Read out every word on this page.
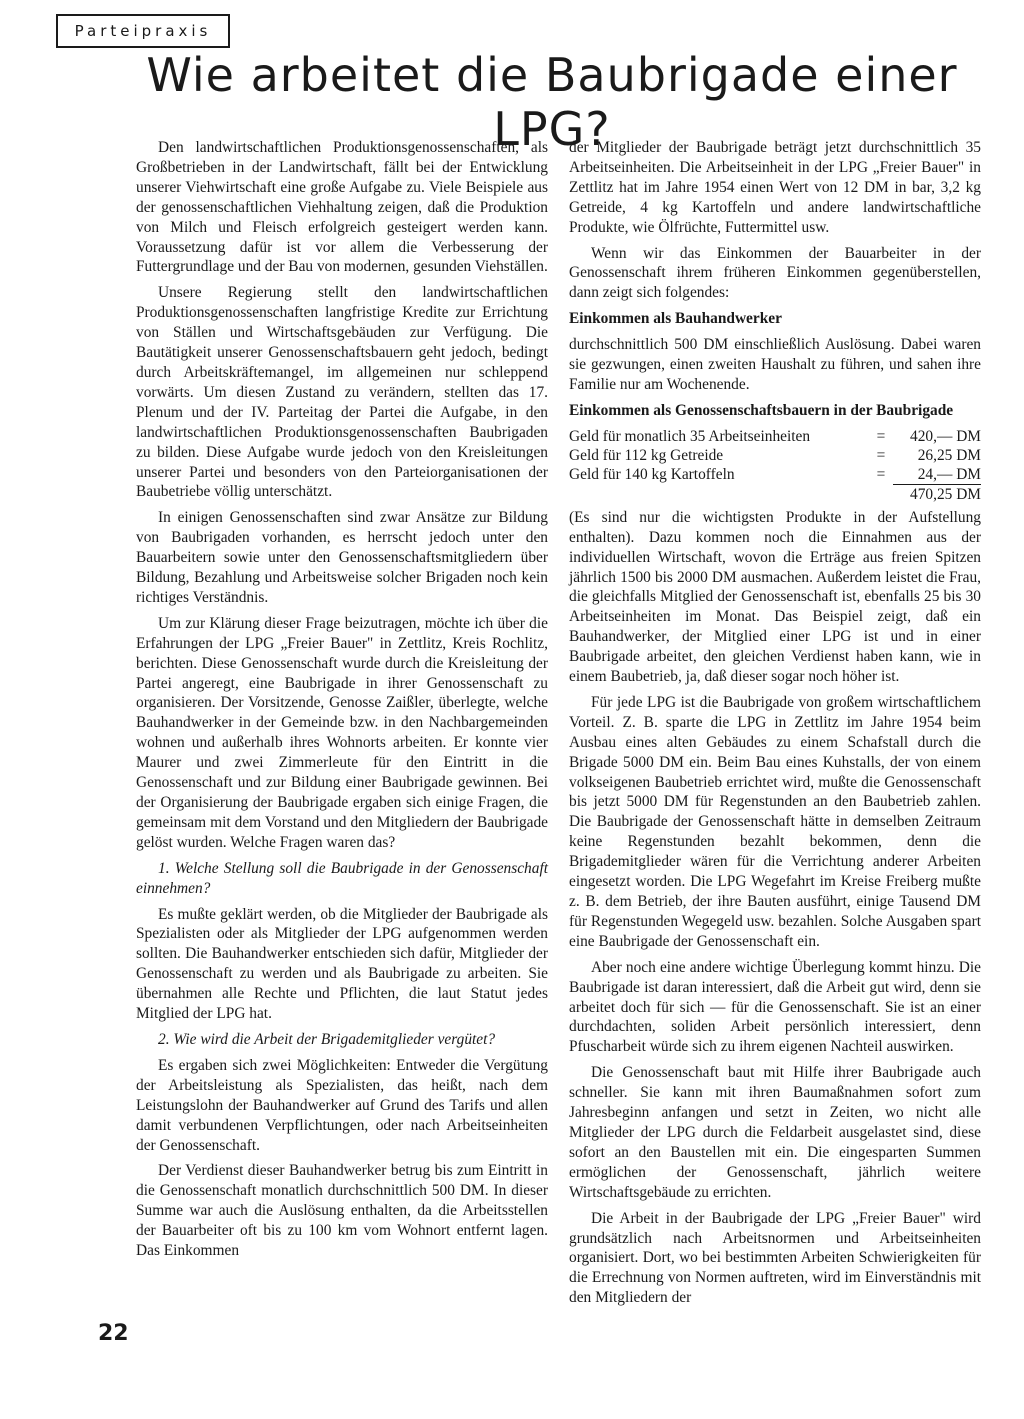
Parteipraxis
Wie arbeitet die Baubrigade einer LPG?

Den landwirtschaftlichen Produktionsgenossenschaften, als Großbetrieben in der Landwirtschaft, fällt bei der Entwicklung unserer Viehwirtschaft eine große Aufgabe zu. Viele Beispiele aus der genossenschaftlichen Viehhaltung zeigen, daß die Produktion von Milch und Fleisch erfolgreich gesteigert werden kann. Voraussetzung dafür ist vor allem die Verbesserung der Futtergrundlage und der Bau von modernen, gesunden Viehställen.

Unsere Regierung stellt den landwirtschaftlichen Produktionsgenossenschaften langfristige Kredite zur Errichtung von Ställen und Wirtschaftsgebäuden zur Verfügung. Die Bautätigkeit unserer Genossenschaftsbauern geht jedoch, bedingt durch Arbeitskräftemangel, im allgemeinen nur schleppend vorwärts. Um diesen Zustand zu verändern, stellten das 17. Plenum und der IV. Parteitag der Partei die Aufgabe, in den landwirtschaftlichen Produktionsgenossenschaften Baubrigaden zu bilden. Diese Aufgabe wurde jedoch von den Kreisleitungen unserer Partei und besonders von den Parteiorganisationen der Baubetriebe völlig unterschätzt.

In einigen Genossenschaften sind zwar Ansätze zur Bildung von Baubrigaden vorhanden, es herrscht jedoch unter den Bauarbeitern sowie unter den Genossenschaftsmitgliedern über Bildung, Bezahlung und Arbeitsweise solcher Brigaden noch kein richtiges Verständnis.

Um zur Klärung dieser Frage beizutragen, möchte ich über die Erfahrungen der LPG „Freier Bauer" in Zettlitz, Kreis Rochlitz, berichten. Diese Genossenschaft wurde durch die Kreisleitung der Partei angeregt, eine Baubrigade in ihrer Genossenschaft zu organisieren. Der Vorsitzende, Genosse Zaißler, überlegte, welche Bauhandwerker in der Gemeinde bzw. in den Nachbargemeinden wohnen und außerhalb ihres Wohnorts arbeiten. Er konnte vier Maurer und zwei Zimmerleute für den Eintritt in die Genossenschaft und zur Bildung einer Baubrigade gewinnen. Bei der Organisierung der Baubrigade ergaben sich einige Fragen, die gemeinsam mit dem Vorstand und den Mitgliedern der Baubrigade gelöst wurden. Welche Fragen waren das?

1. Welche Stellung soll die Baubrigade in der Genossenschaft einnehmen?

Es mußte geklärt werden, ob die Mitglieder der Baubrigade als Spezialisten oder als Mitglieder der LPG aufgenommen werden sollten. Die Bauhandwerker entschieden sich dafür, Mitglieder der Genossenschaft zu werden und als Baubrigade zu arbeiten. Sie übernahmen alle Rechte und Pflichten, die laut Statut jedes Mitglied der LPG hat.

2. Wie wird die Arbeit der Brigademitglieder vergütet?

Es ergaben sich zwei Möglichkeiten: Entweder die Vergütung der Arbeitsleistung als Spezialisten, das heißt, nach dem Leistungslohn der Bauhandwerker auf Grund des Tarifs und allen damit verbundenen Verpflichtungen, oder nach Arbeitseinheiten der Genossenschaft.

Der Verdienst dieser Bauhandwerker betrug bis zum Eintritt in die Genossenschaft monatlich durchschnittlich 500 DM. In dieser Summe war auch die Auslösung enthalten, da die Arbeitsstellen der Bauarbeiter oft bis zu 100 km vom Wohnort entfernt lagen. Das Einkommen

der Mitglieder der Baubrigade beträgt jetzt durchschnittlich 35 Arbeitseinheiten. Die Arbeitseinheit in der LPG „Freier Bauer" in Zettlitz hat im Jahre 1954 einen Wert von 12 DM in bar, 3,2 kg Getreide, 4 kg Kartoffeln und andere landwirtschaftliche Produkte, wie Ölfrüchte, Futtermittel usw.

Wenn wir das Einkommen der Bauarbeiter in der Genossenschaft ihrem früheren Einkommen gegenüberstellen, dann zeigt sich folgendes:

Einkommen als Bauhandwerker

durchschnittlich 500 DM einschließlich Auslösung. Dabei waren sie gezwungen, einen zweiten Haushalt zu führen, und sahen ihre Familie nur am Wochenende.

Einkommen als Genossenschaftsbauern in der Baubrigade

Geld für monatlich 35 Arbeitseinheiten	=	420,— DM
Geld für 112 kg Getreide	=	26,25 DM
Geld für 140 kg Kartoffeln	=	24,— DM
		470,25 DM

(Es sind nur die wichtigsten Produkte in der Aufstellung enthalten). Dazu kommen noch die Einnahmen aus der individuellen Wirtschaft, wovon die Erträge aus freien Spitzen jährlich 1500 bis 2000 DM ausmachen. Außerdem leistet die Frau, die gleichfalls Mitglied der Genossenschaft ist, ebenfalls 25 bis 30 Arbeitseinheiten im Monat. Das Beispiel zeigt, daß ein Bauhandwerker, der Mitglied einer LPG ist und in einer Baubrigade arbeitet, den gleichen Verdienst haben kann, wie in einem Baubetrieb, ja, daß dieser sogar noch höher ist.

Für jede LPG ist die Baubrigade von großem wirtschaftlichem Vorteil. Z. B. sparte die LPG in Zettlitz im Jahre 1954 beim Ausbau eines alten Gebäudes zu einem Schafstall durch die Brigade 5000 DM ein. Beim Bau eines Kuhstalls, der von einem volkseigenen Baubetrieb errichtet wird, mußte die Genossenschaft bis jetzt 5000 DM für Regenstunden an den Baubetrieb zahlen. Die Baubrigade der Genossenschaft hätte in demselben Zeitraum keine Regenstunden bezahlt bekommen, denn die Brigademitglieder wären für die Verrichtung anderer Arbeiten eingesetzt worden. Die LPG Wegefahrt im Kreise Freiberg mußte z. B. dem Betrieb, der ihre Bauten ausführt, einige Tausend DM für Regenstunden Wegegeld usw. bezahlen. Solche Ausgaben spart eine Baubrigade der Genossenschaft ein.

Aber noch eine andere wichtige Überlegung kommt hinzu. Die Baubrigade ist daran interessiert, daß die Arbeit gut wird, denn sie arbeitet doch für sich — für die Genossenschaft. Sie ist an einer durchdachten, soliden Arbeit persönlich interessiert, denn Pfuscharbeit würde sich zu ihrem eigenen Nachteil auswirken.

Die Genossenschaft baut mit Hilfe ihrer Baubrigade auch schneller. Sie kann mit ihren Baumaßnahmen sofort zum Jahresbeginn anfangen und setzt in Zeiten, wo nicht alle Mitglieder der LPG durch die Feldarbeit ausgelastet sind, diese sofort an den Baustellen mit ein. Die eingesparten Summen ermöglichen der Genossenschaft, jährlich weitere Wirtschaftsgebäude zu errichten.

Die Arbeit in der Baubrigade der LPG „Freier Bauer" wird grundsätzlich nach Arbeitsnormen und Arbeitseinheiten organisiert. Dort, wo bei bestimmten Arbeiten Schwierigkeiten für die Errechnung von Normen auftreten, wird im Einverständnis mit den Mitgliedern der

22
